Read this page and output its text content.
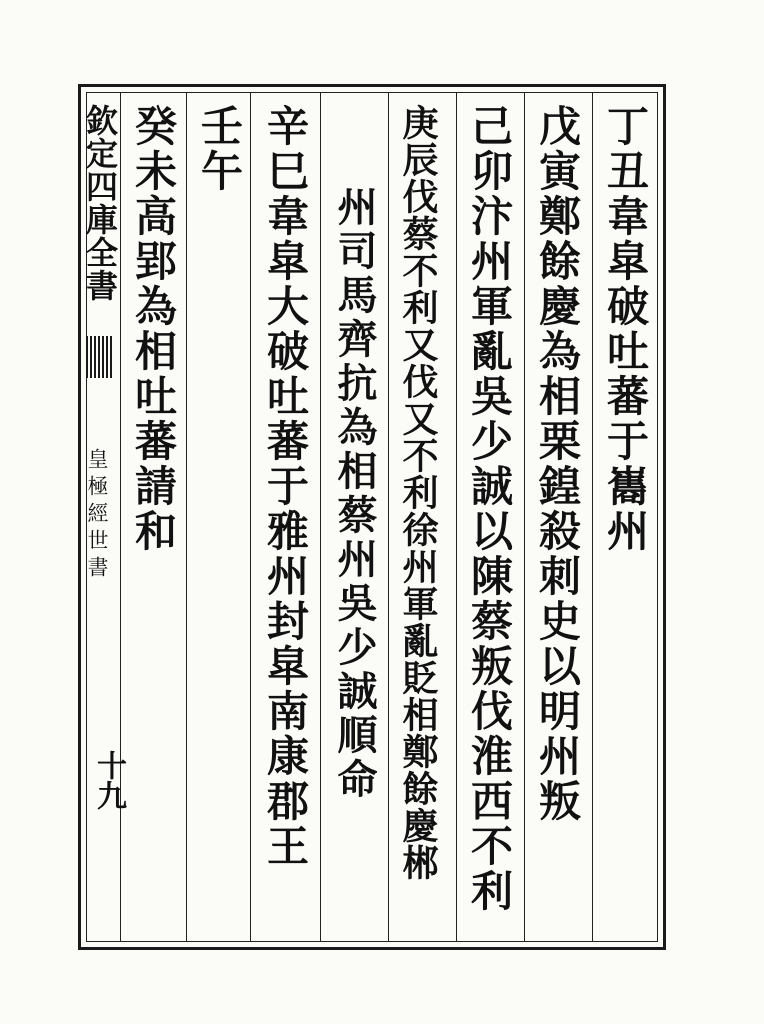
欽定四庫全書
皇極經世書
十九
丁丑韋皐破吐蕃于巂州
戊寅鄭餘慶為相栗鍠殺刺史以明州叛
己卯汴州軍亂吳少誠以陳蔡叛伐淮西不利
庚辰伐蔡不利又伐又不利徐州軍亂貶相鄭餘慶郴
州司馬齊抗為相蔡州吳少誠順命
辛巳韋皐大破吐蕃于雅州封皐南康郡王
壬午
癸未高郢為相吐蕃請和
